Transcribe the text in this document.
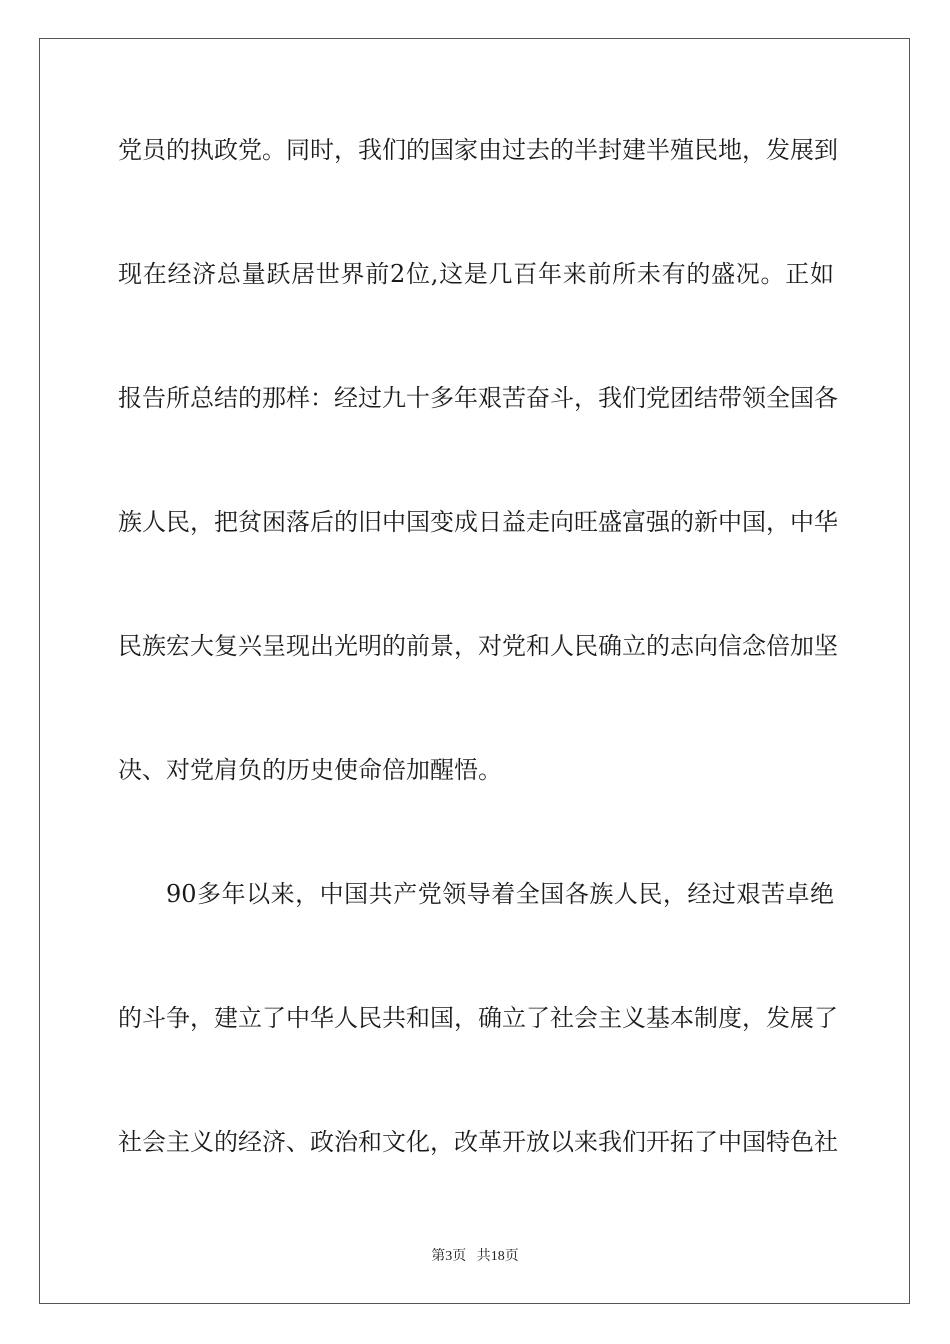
党员的执政党。同时，我们的国家由过去的半封建半殖民地，发展到
现在经济总量跃居世界前2位,这是几百年来前所未有的盛况。正如
报告所总结的那样：经过九十多年艰苦奋斗，我们党团结带领全国各
族人民，把贫困落后的旧中国变成日益走向旺盛富强的新中国，中华
民族宏大复兴呈现出光明的前景，对党和人民确立的志向信念倍加坚
决、对党肩负的历史使命倍加醒悟。
90多年以来，中国共产党领导着全国各族人民，经过艰苦卓绝
的斗争，建立了中华人民共和国，确立了社会主义基本制度，发展了
社会主义的经济、政治和文化，改革开放以来我们开拓了中国特色社
第3页   共18页
